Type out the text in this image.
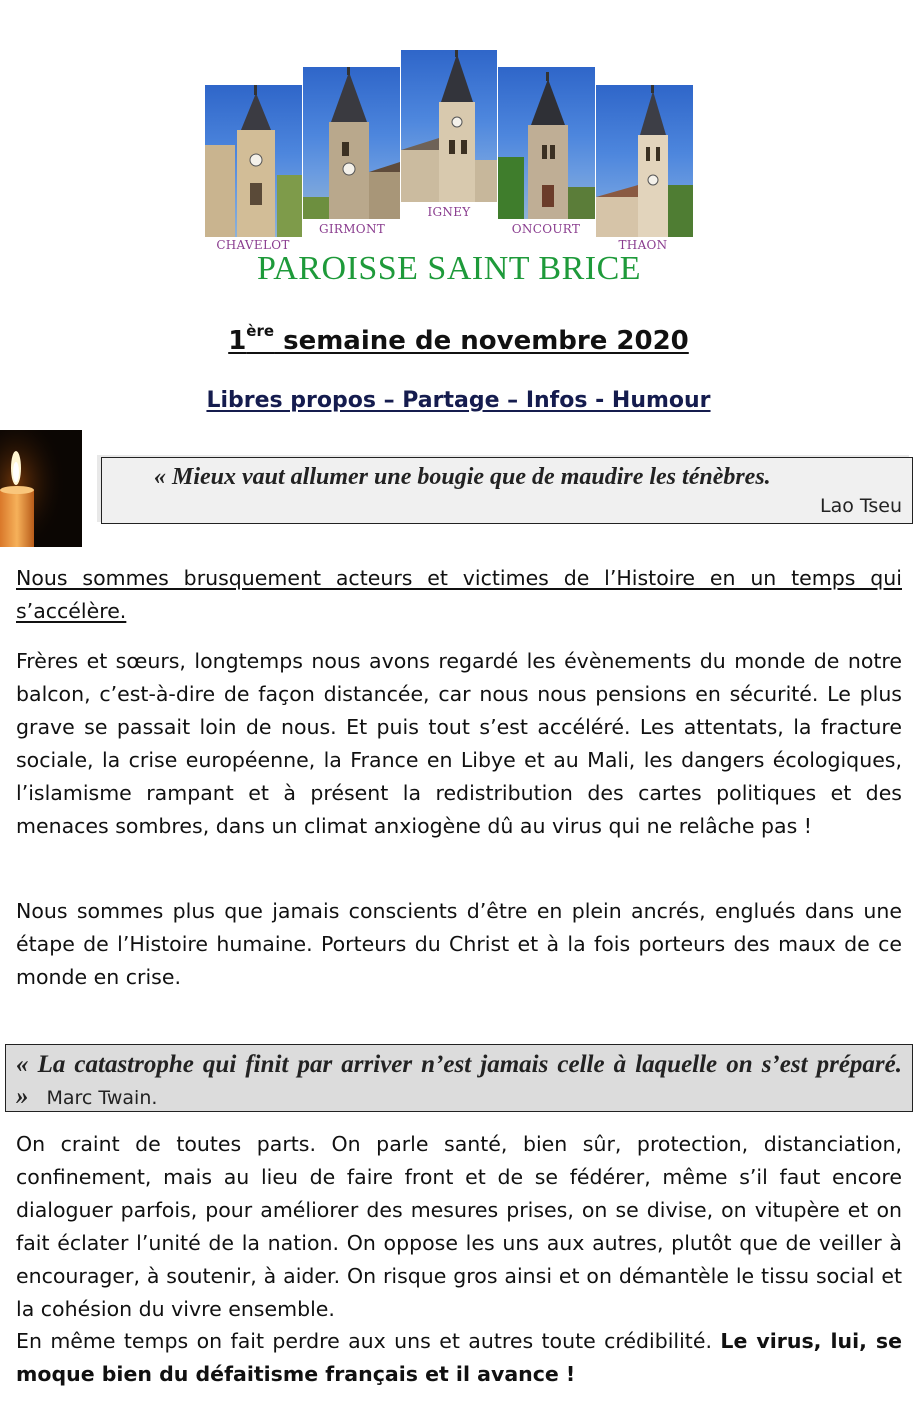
CHAVELOT
GIRMONT
IGNEY
ONCOURT
THAON
PAROISSE SAINT BRICE
1ère semaine de novembre 2020
Libres propos – Partage – Infos - Humour
« Mieux vaut allumer une bougie que de maudire les ténèbres.
Lao Tseu
Nous sommes brusquement acteurs et victimes de l’Histoire en un temps qui s’accélère.
Frères et sœurs, longtemps nous avons regardé les évènements du monde de notre balcon, c’est-à-dire de façon distancée, car nous nous pensions en sécurité. Le plus grave se passait loin de nous. Et puis tout s’est accéléré. Les attentats, la fracture sociale, la crise européenne, la France en Libye et au Mali, les dangers écologiques, l’islamisme rampant et à présent la redistribution des cartes politiques et des menaces sombres, dans un climat anxiogène dû au virus qui ne relâche pas !
Nous sommes plus que jamais conscients d’être en plein ancrés, englués dans une étape de l’Histoire humaine. Porteurs du Christ et à la fois porteurs des maux de ce monde en crise.
« La catastrophe qui finit par arriver n’est jamais celle à laquelle on s’est préparé. » Marc Twain.
On craint de toutes parts. On parle santé, bien sûr, protection, distanciation, confinement, mais au lieu de faire front et de se fédérer, même s’il faut encore dialoguer parfois, pour améliorer des mesures prises, on se divise, on vitupère et on fait éclater l’unité de la nation. On oppose les uns aux autres, plutôt que de veiller à encourager, à soutenir, à aider. On risque gros ainsi et on démantèle le tissu social et la cohésion du vivre ensemble.
En même temps on fait perdre aux uns et autres toute crédibilité. Le virus, lui, se moque bien du défaitisme français et il avance !
